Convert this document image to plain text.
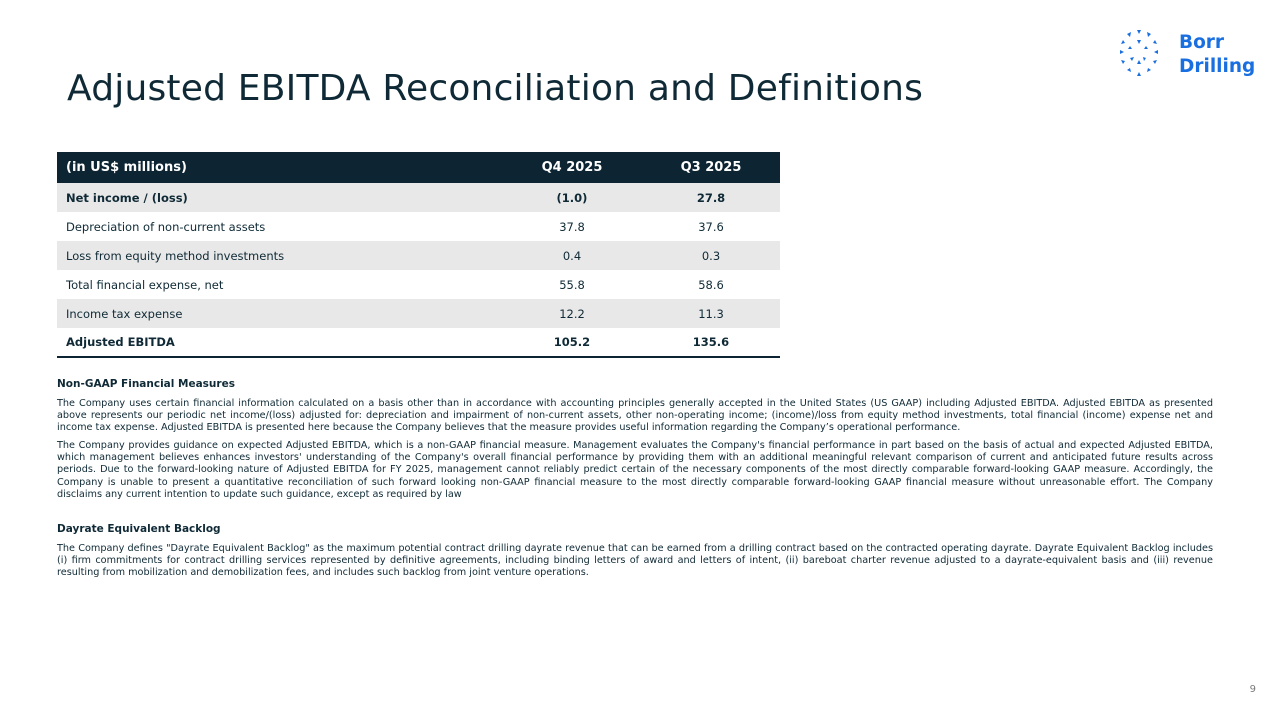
Adjusted EBITDA Reconciliation and Definitions
Borr
Drilling
(in US$ millions)	Q4 2025	Q3 2025
Net income / (loss)	(1.0)	27.8
Depreciation of non-current assets	37.8	37.6
Loss from equity method investments	0.4	0.3
Total financial expense, net	55.8	58.6
Income tax expense	12.2	11.3
Adjusted EBITDA	105.2	135.6
Non-GAAP Financial Measures

The Company uses certain financial information calculated on a basis other than in accordance with accounting principles generally accepted in the United States (US GAAP) including Adjusted EBITDA. Adjusted EBITDA as presented above represents our periodic net income/(loss) adjusted for: depreciation and impairment of non-current assets, other non-operating income; (income)/loss from equity method investments, total financial (income) expense net and income tax expense. Adjusted EBITDA is presented here because the Company believes that the measure provides useful information regarding the Company’s operational performance.

The Company provides guidance on expected Adjusted EBITDA, which is a non-GAAP financial measure. Management evaluates the Company's financial performance in part based on the basis of actual and expected Adjusted EBITDA, which management believes enhances investors' understanding of the Company's overall financial performance by providing them with an additional meaningful relevant comparison of current and anticipated future results across periods. Due to the forward-looking nature of Adjusted EBITDA for FY 2025, management cannot reliably predict certain of the necessary components of the most directly comparable forward-looking GAAP measure. Accordingly, the Company is unable to present a quantitative reconciliation of such forward looking non-GAAP financial measure to the most directly comparable forward-looking GAAP financial measure without unreasonable effort. The Company disclaims any current intention to update such guidance, except as required by law

Dayrate Equivalent Backlog

The Company defines "Dayrate Equivalent Backlog" as the maximum potential contract drilling dayrate revenue that can be earned from a drilling contract based on the contracted operating dayrate. Dayrate Equivalent Backlog includes (i) firm commitments for contract drilling services represented by definitive agreements, including binding letters of award and letters of intent, (ii) bareboat charter revenue adjusted to a dayrate-equivalent basis and (iii) revenue resulting from mobilization and demobilization fees, and includes such backlog from joint venture operations.

9
